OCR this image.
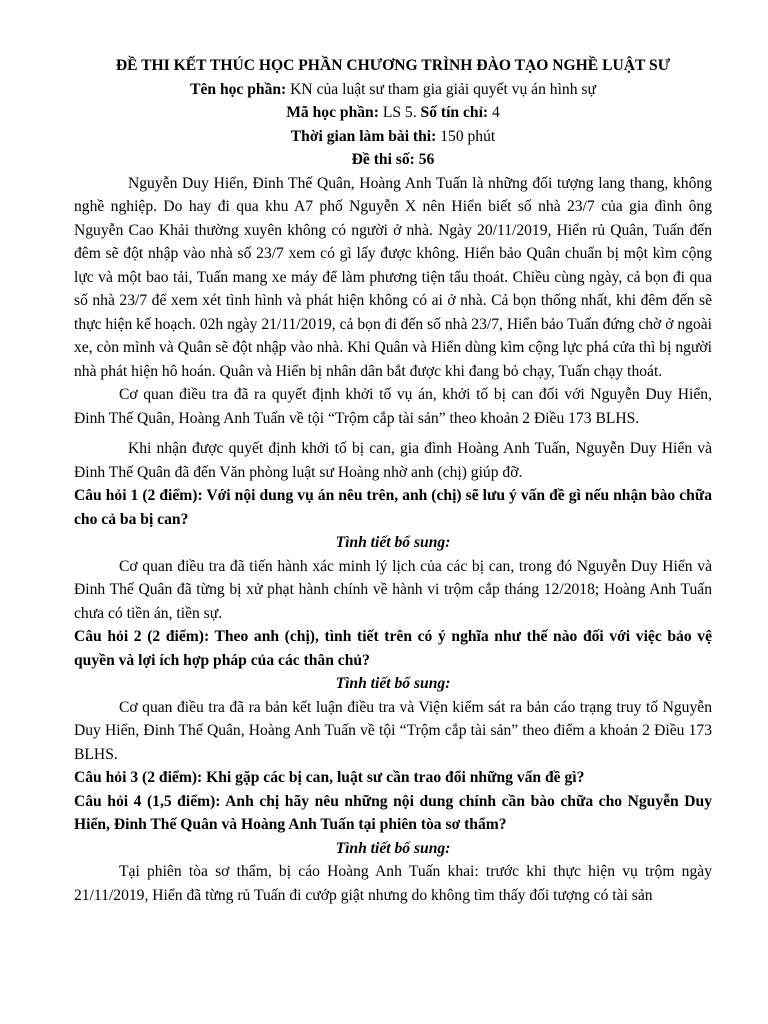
ĐỀ THI KẾT THÚC HỌC PHẦN CHƯƠNG TRÌNH ĐÀO TẠO NGHỀ LUẬT SƯ

Tên học phần: KN của luật sư tham gia giải quyết vụ án hình sự

Mã học phần: LS 5. Số tín chỉ: 4

Thời gian làm bài thi: 150 phút

Đề thi số: 56

Nguyễn Duy Hiển, Đinh Thế Quân, Hoàng Anh Tuấn là những đối tượng lang thang, không nghề nghiệp. Do hay đi qua khu A7 phố Nguyễn X nên Hiển biết số nhà 23/7 của gia đình ông Nguyễn Cao Khải thường xuyên không có người ở nhà. Ngày 20/11/2019, Hiển rủ Quân, Tuấn đến đêm sẽ đột nhập vào nhà số 23/7 xem có gì lấy được không. Hiển bảo Quân chuẩn bị một kìm cộng lực và một bao tải, Tuấn mang xe máy để làm phương tiện tẩu thoát. Chiều cùng ngày, cả bọn đi qua số nhà 23/7 để xem xét tình hình và phát hiện không có ai ở nhà. Cả bọn thống nhất, khi đêm đến sẽ thực hiện kế hoạch. 02h ngày 21/11/2019, cả bọn đi đến số nhà 23/7, Hiển bảo Tuấn đứng chờ ở ngoài xe, còn mình và Quân sẽ đột nhập vào nhà. Khi Quân và Hiển dùng kìm cộng lực phá cửa thì bị người nhà phát hiện hô hoán. Quân và Hiển bị nhân dân bắt được khi đang bỏ chạy, Tuấn chạy thoát.

Cơ quan điều tra đã ra quyết định khởi tố vụ án, khởi tố bị can đối với Nguyễn Duy Hiển, Đinh Thế Quân, Hoàng Anh Tuấn về tội “Trộm cắp tài sản” theo khoản 2 Điều 173 BLHS.

Khi nhận được quyết định khởi tố bị can, gia đình Hoàng Anh Tuấn, Nguyễn Duy Hiển và Đinh Thế Quân đã đến Văn phòng luật sư Hoàng nhờ anh (chị) giúp đỡ.

Câu hỏi 1 (2 điểm): Với nội dung vụ án nêu trên, anh (chị) sẽ lưu ý vấn đề gì nếu nhận bào chữa cho cả ba bị can?

Tình tiết bổ sung:

Cơ quan điều tra đã tiến hành xác minh lý lịch của các bị can, trong đó Nguyễn Duy Hiển và Đinh Thế Quân đã từng bị xử phạt hành chính về hành vi trộm cắp tháng 12/2018; Hoàng Anh Tuấn chưa có tiền án, tiền sự.

Câu hỏi 2 (2 điểm): Theo anh (chị), tình tiết trên có ý nghĩa như thế nào đối với việc bảo vệ quyền và lợi ích hợp pháp của các thân chủ?

Tình tiết bổ sung:

Cơ quan điều tra đã ra bản kết luận điều tra và Viện kiểm sát ra bản cáo trạng truy tố Nguyễn Duy Hiển, Đinh Thế Quân, Hoàng Anh Tuấn về tội “Trộm cắp tài sản” theo điểm a khoản 2 Điều 173 BLHS.

Câu hỏi 3 (2 điểm): Khi gặp các bị can, luật sư cần trao đổi những vấn đề gì?

Câu hỏi 4 (1,5 điểm): Anh chị hãy nêu những nội dung chính cần bào chữa cho Nguyễn Duy Hiển, Đinh Thế Quân và Hoàng Anh Tuấn tại phiên tòa sơ thẩm?

Tình tiết bổ sung:

Tại phiên tòa sơ thẩm, bị cáo Hoàng Anh Tuấn khai: trước khi thực hiện vụ trộm ngày 21/11/2019, Hiển đã từng rủ Tuấn đi cướp giật nhưng do không tìm thấy đối tượng có tài sản
